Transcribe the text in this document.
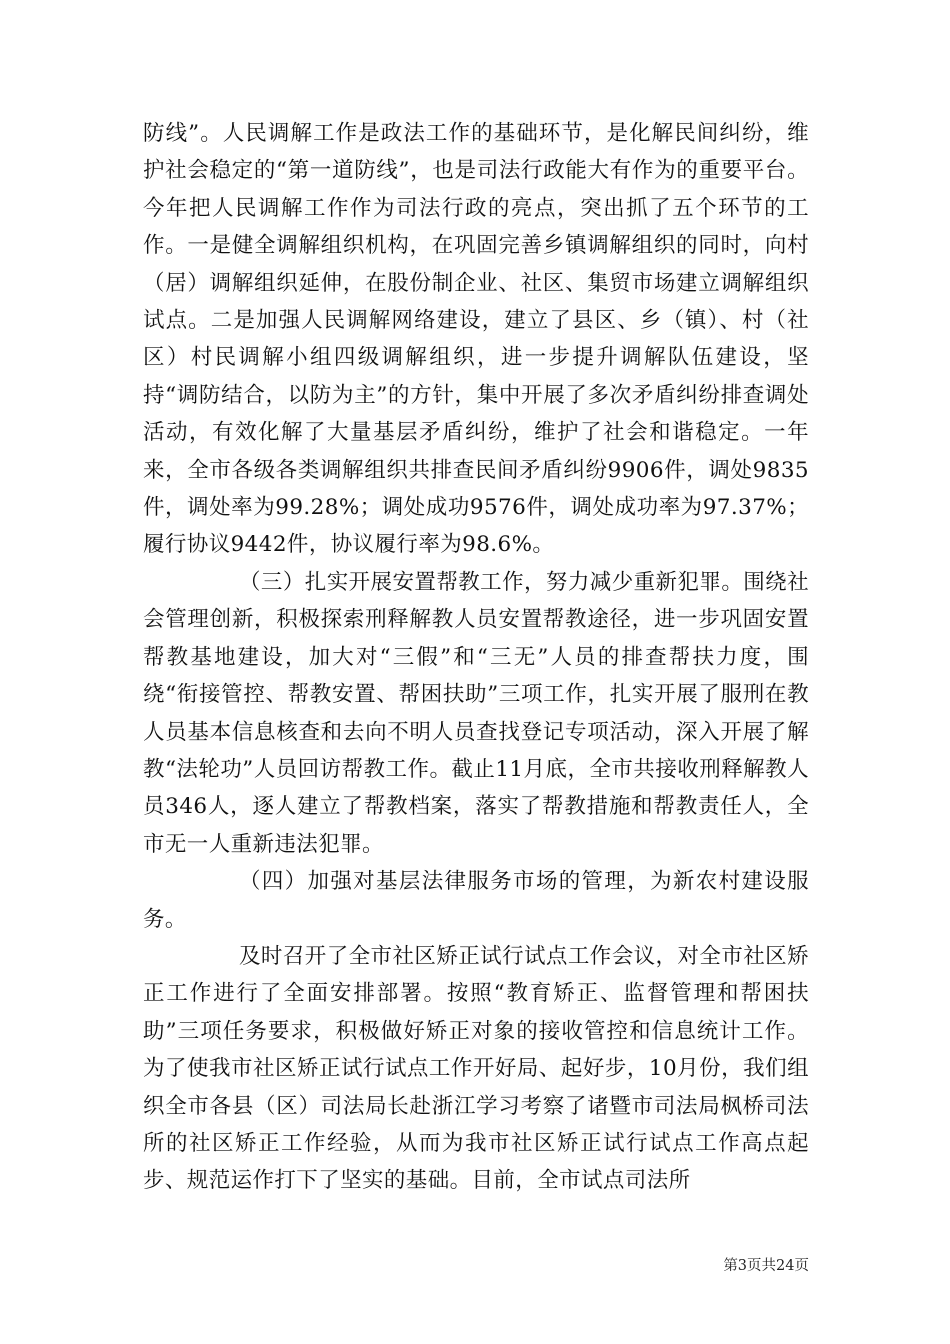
防线”。人民调解工作是政法工作的基础环节，是化解民间纠纷，维护社会稳定的“第一道防线”，也是司法行政能大有作为的重要平台。今年把人民调解工作作为司法行政的亮点，突出抓了五个环节的工作。一是健全调解组织机构，在巩固完善乡镇调解组织的同时，向村（居）调解组织延伸，在股份制企业、社区、集贸市场建立调解组织试点。二是加强人民调解网络建设，建立了县区、乡（镇）、村（社区）村民调解小组四级调解组织，进一步提升调解队伍建设，坚持“调防结合，以防为主”的方针，集中开展了多次矛盾纠纷排查调处活动，有效化解了大量基层矛盾纠纷，维护了社会和谐稳定。一年来，全市各级各类调解组织共排查民间矛盾纠纷9906件，调处9835件，调处率为99.28%；调处成功9576件，调处成功率为97.37%；履行协议9442件，协议履行率为98.6%。

（三）扎实开展安置帮教工作，努力减少重新犯罪。围绕社会管理创新，积极探索刑释解教人员安置帮教途径，进一步巩固安置帮教基地建设，加大对“三假”和“三无”人员的排查帮扶力度，围绕“衔接管控、帮教安置、帮困扶助”三项工作，扎实开展了服刑在教人员基本信息核查和去向不明人员查找登记专项活动，深入开展了解教“法轮功”人员回访帮教工作。截止11月底，全市共接收刑释解教人员346人，逐人建立了帮教档案，落实了帮教措施和帮教责任人，全市无一人重新违法犯罪。

（四）加强对基层法律服务市场的管理，为新农村建设服务。

及时召开了全市社区矫正试行试点工作会议，对全市社区矫正工作进行了全面安排部署。按照“教育矫正、监督管理和帮困扶助”三项任务要求，积极做好矫正对象的接收管控和信息统计工作。为了使我市社区矫正试行试点工作开好局、起好步，10月份，我们组织全市各县（区）司法局长赴浙江学习考察了诸暨市司法局枫桥司法所的社区矫正工作经验，从而为我市社区矫正试行试点工作高点起步、规范运作打下了坚实的基础。目前，全市试点司法所

第3页共24页
